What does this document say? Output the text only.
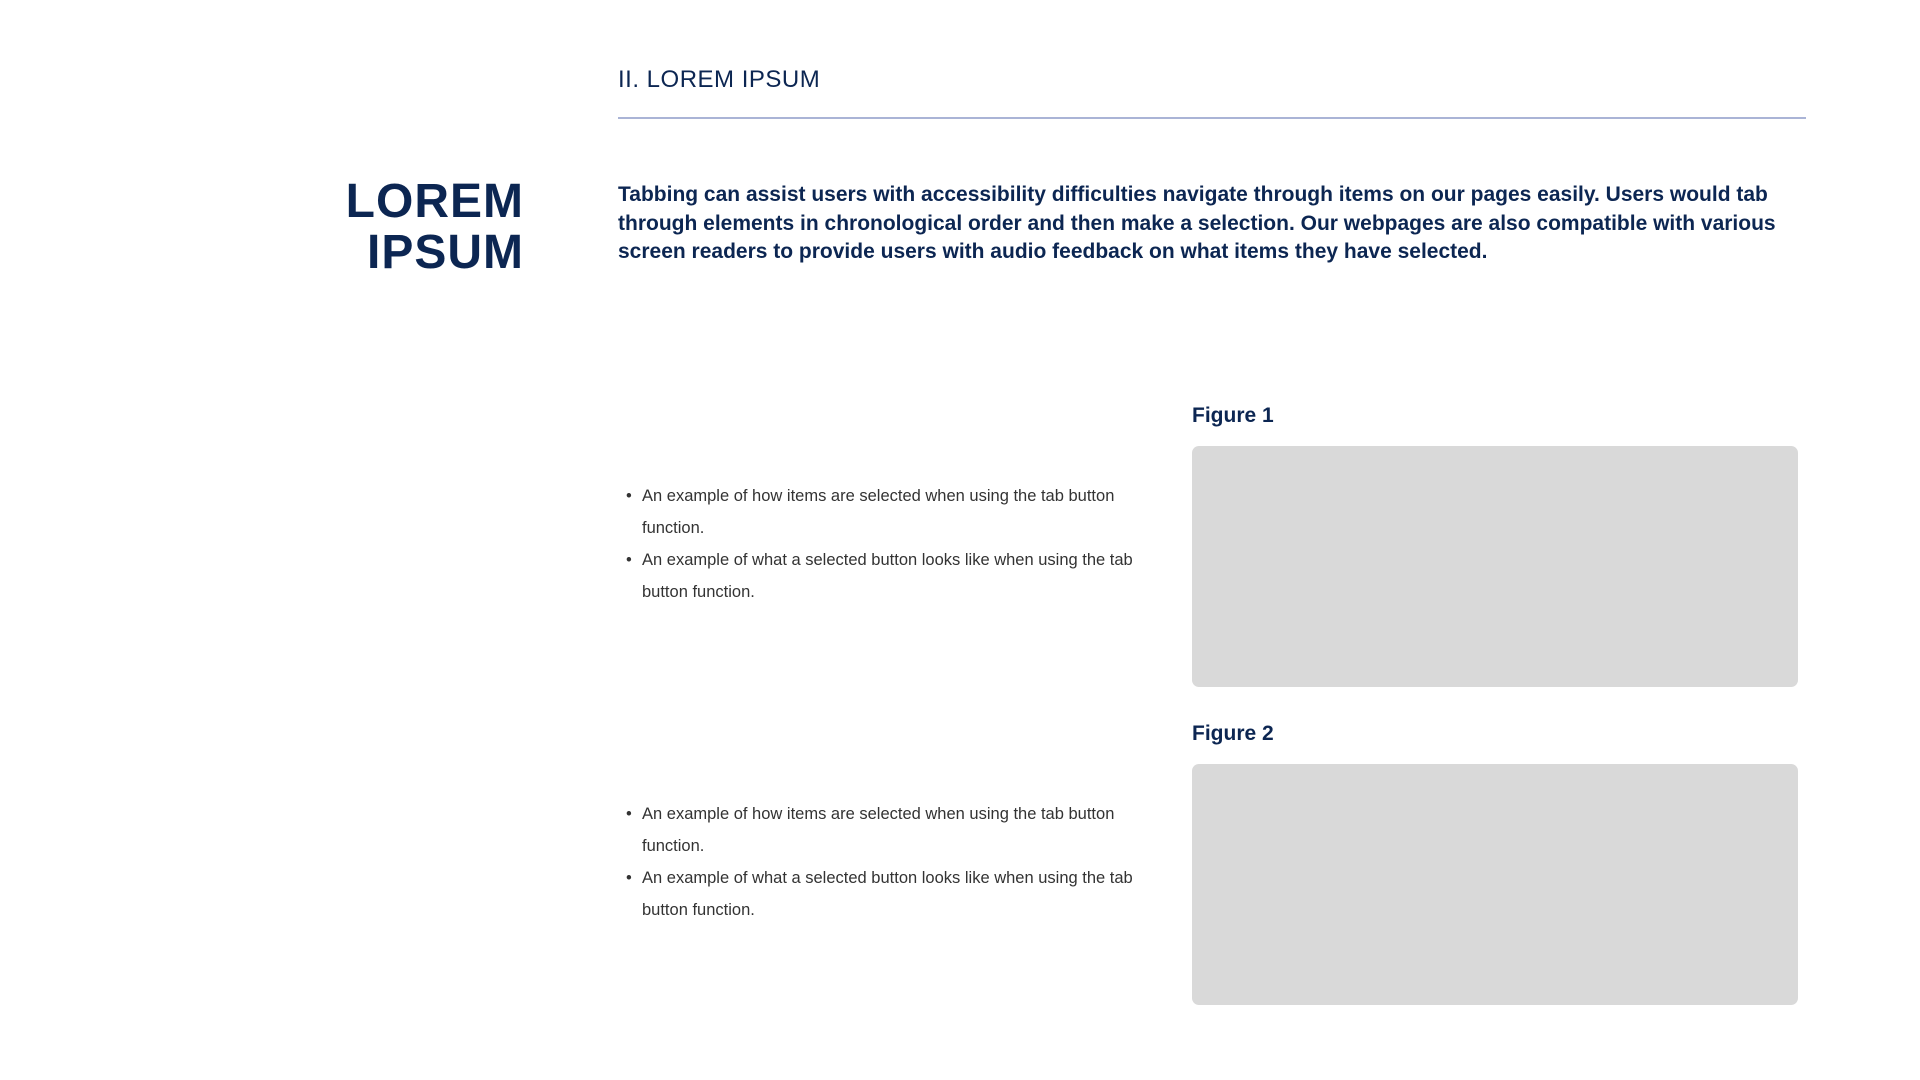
II. LOREM IPSUM
LOREM
IPSUM

Tabbing can assist users with accessibility difficulties navigate through items on our pages easily. Users would tab through elements in chronological order and then make a selection. Our webpages are also compatible with various screen readers to provide users with audio feedback on what items they have selected.

• An example of how items are selected when using the tab button function.
• An example of what a selected button looks like when using the tab button function.
Figure 1
• An example of how items are selected when using the tab button function.
• An example of what a selected button looks like when using the tab button function.
Figure 2
